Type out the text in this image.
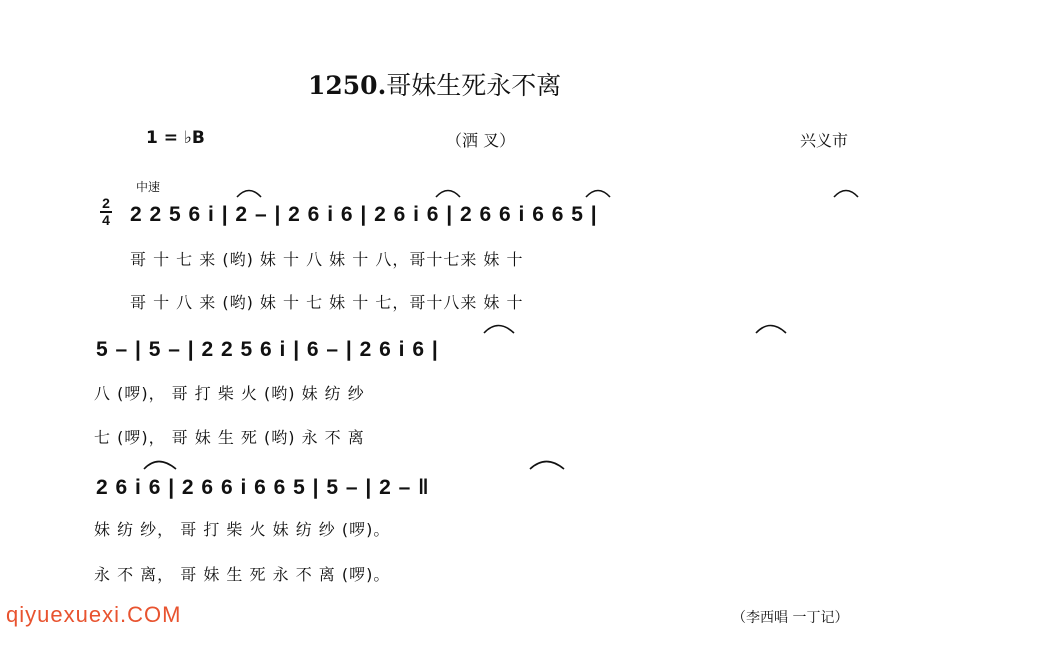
1250.哥妹生死永不离
1 = ♭B	（洒 叉）	兴义市
中速
2
4 2 2 5 6 i | 2 – | 2 6 i 6 | 2 6 i 6 | 2 6 6 i 6 6 5 |
哥 十 七 来 (哟) 妹 十 八 妹 十 八，哥十七来 妹 十
哥 十 八 来 (哟) 妹 十 七 妹 十 七，哥十八来 妹 十
5 – | 5 – | 2 2 5 6 i | 6 – | 2 6 i 6 |
八 (啰)， 哥 打 柴 火 (哟) 妹 纺 纱
七 (啰)， 哥 妹 生 死 (哟) 永 不 离
2 6 i 6 | 2 6 6 i 6 6 5 | 5 – | 2 – ‖
妹 纺 纱， 哥 打 柴 火 妹 纺 纱 (啰)。
永 不 离， 哥 妹 生 死 永 不 离 (啰)。
（李西唱 一丁记）
qiyuexuexi.COM
